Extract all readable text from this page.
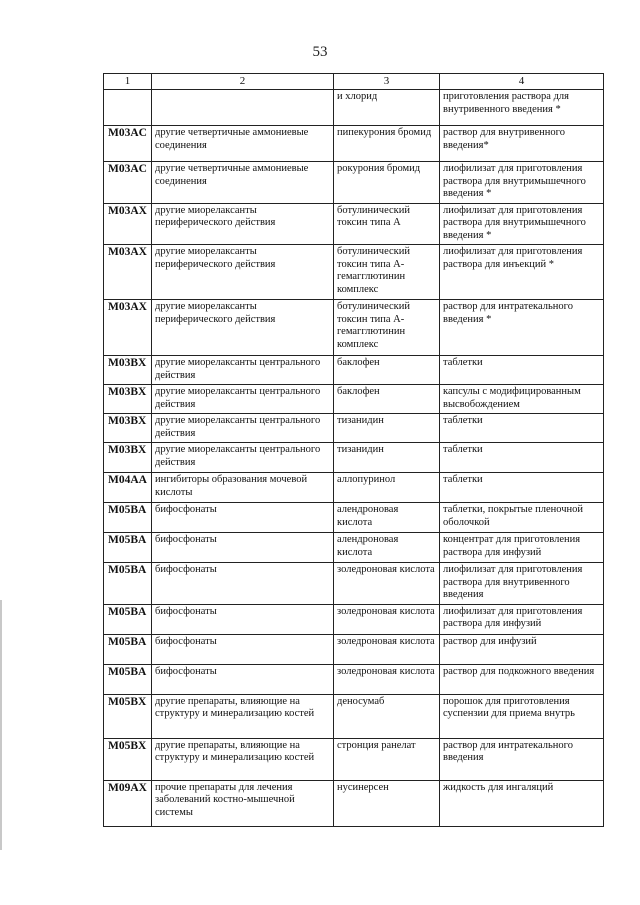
53
1	2	3	4
		и хлорид	приготовления раствора для внутривенного введения *
M03AC	другие четвертичные аммониевые соединения	пипекурония бромид	раствор для внутривенного введения*
M03AC	другие четвертичные аммониевые соединения	рокурония бромид	лиофилизат для приготовления раствора для внутримышечного введения *
M03AX	другие миорелаксанты периферического действия	ботулинический токсин типа А	лиофилизат для приготовления раствора для внутримышечного введения *
M03AX	другие миорелаксанты периферического действия	ботулинический токсин типа А-гемагглютинин комплекс	лиофилизат для приготовления раствора для инъекций *
M03AX	другие миорелаксанты периферического действия	ботулинический токсин типа А-гемагглютинин комплекс	раствор для интратекального введения *
M03BX	другие миорелаксанты центрального действия	баклофен	таблетки
M03BX	другие миорелаксанты центрального действия	баклофен	капсулы с модифицированным высвобождением
M03BX	другие миорелаксанты центрального действия	тизанидин	таблетки
M03BX	другие миорелаксанты центрального действия	тизанидин	таблетки
M04AA	ингибиторы образования мочевой кислоты	аллопуринол	таблетки
M05BA	бифосфонаты	алендроновая кислота	таблетки, покрытые пленочной оболочкой
M05BA	бифосфонаты	алендроновая кислота	концентрат для приготовления раствора для инфузий
M05BA	бифосфонаты	золедроновая кислота	лиофилизат для приготовления раствора для внутривенного введения
M05BA	бифосфонаты	золедроновая кислота	лиофилизат для приготовления раствора для инфузий
M05BA	бифосфонаты	золедроновая кислота	раствор для инфузий
M05BA	бифосфонаты	золедроновая кислота	раствор для подкожного введения
M05BX	другие препараты, влияющие на структуру и минерализацию костей	деносумаб	порошок для приготовления суспензии для приема внутрь
M05BX	другие препараты, влияющие на структуру и минерализацию костей	стронция ранелат	раствор для интратекального введения
M09AX	прочие препараты для лечения заболеваний костно-мышечной системы	нусинерсен	жидкость для ингаляций
